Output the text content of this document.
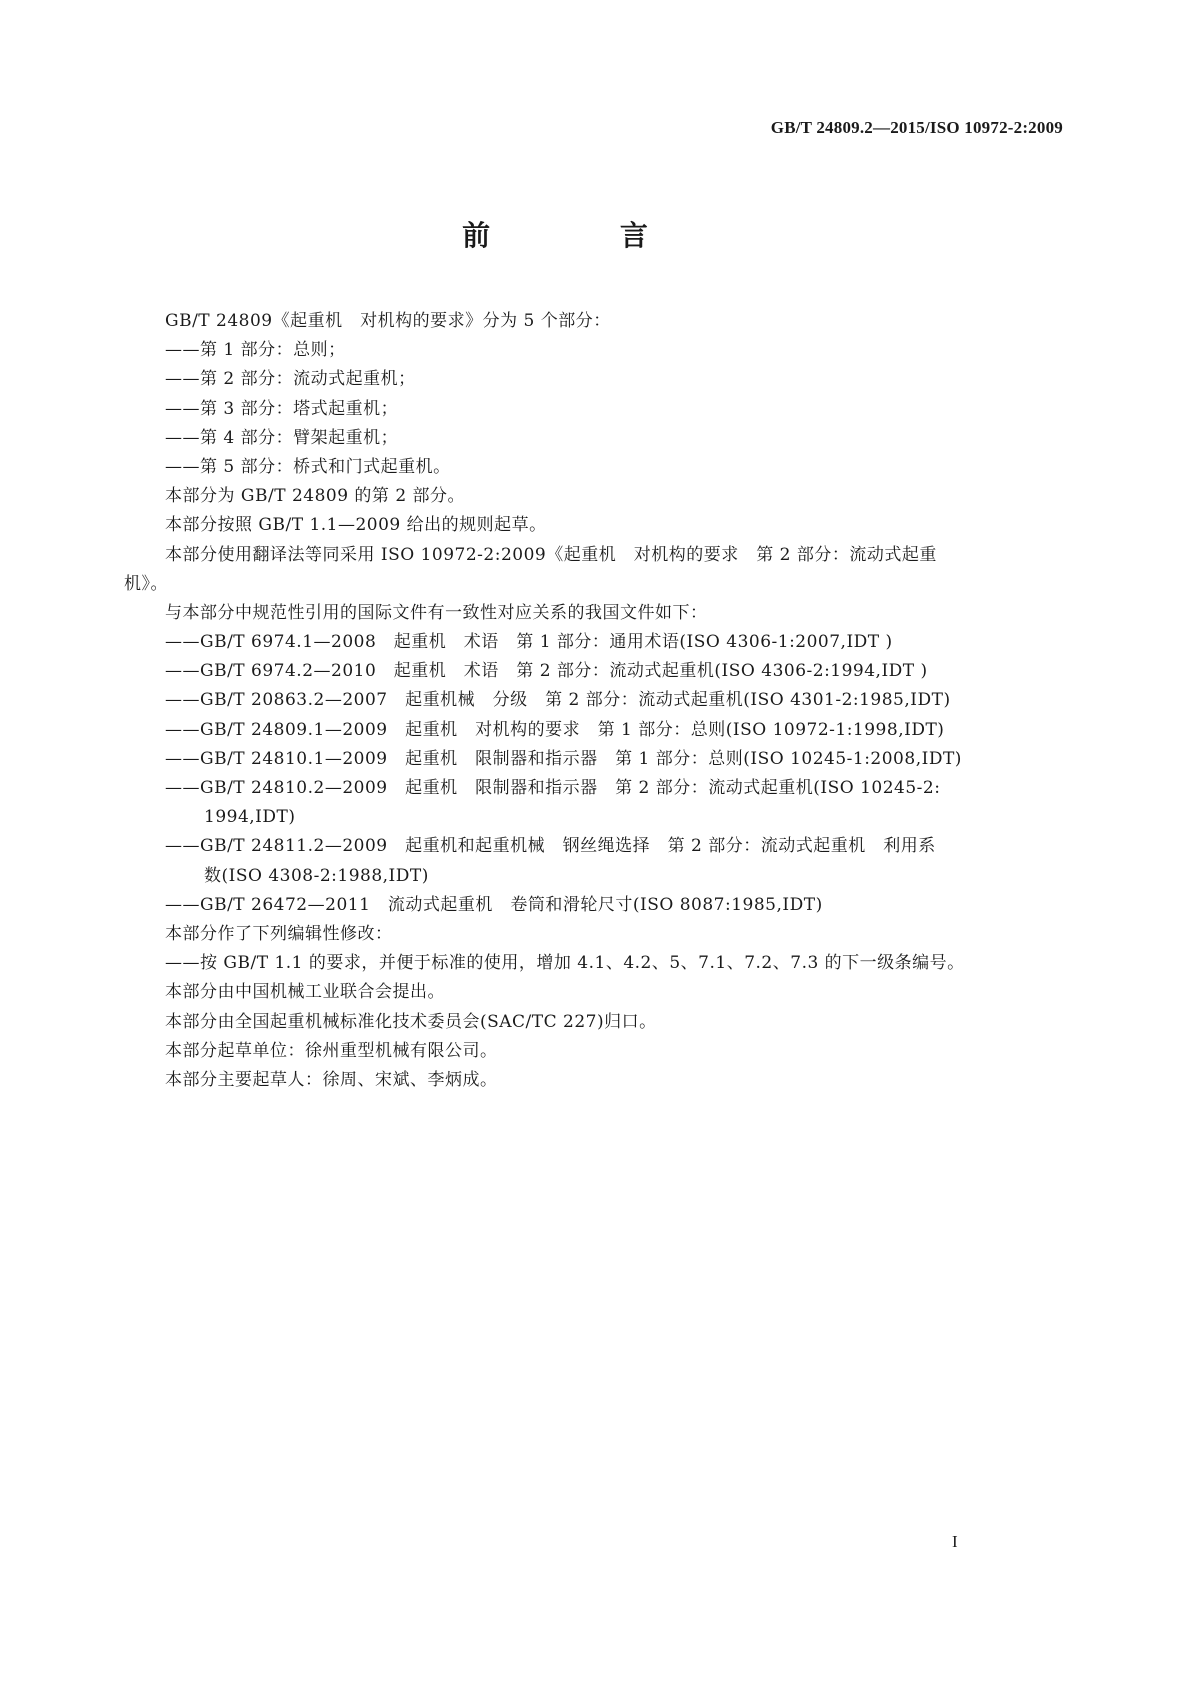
GB/T 24809.2—2015/ISO 10972-2:2009
前 言
GB/T 24809《起重机　对机构的要求》分为 5 个部分：
——第 1 部分：总则；
——第 2 部分：流动式起重机；
——第 3 部分：塔式起重机；
——第 4 部分：臂架起重机；
——第 5 部分：桥式和门式起重机。
本部分为 GB/T 24809 的第 2 部分。
本部分按照 GB/T 1.1—2009 给出的规则起草。
本部分使用翻译法等同采用 ISO 10972-2:2009《起重机　对机构的要求　第 2 部分：流动式起重
机》。
与本部分中规范性引用的国际文件有一致性对应关系的我国文件如下：
——GB/T 6974.1—2008　起重机　术语　第 1 部分：通用术语(ISO 4306-1:2007,IDT )
——GB/T 6974.2—2010　起重机　术语　第 2 部分：流动式起重机(ISO 4306-2:1994,IDT )
——GB/T 20863.2—2007　起重机械　分级　第 2 部分：流动式起重机(ISO 4301-2:1985,IDT)
——GB/T 24809.1—2009　起重机　对机构的要求　第 1 部分：总则(ISO 10972-1:1998,IDT)
——GB/T 24810.1—2009　起重机　限制器和指示器　第 1 部分：总则(ISO 10245-1:2008,IDT)
——GB/T 24810.2—2009　起重机　限制器和指示器　第 2 部分：流动式起重机(ISO 10245-2:
1994,IDT)
——GB/T 24811.2—2009　起重机和起重机械　钢丝绳选择　第 2 部分：流动式起重机　利用系
数(ISO 4308-2:1988,IDT)
——GB/T 26472—2011　流动式起重机　卷筒和滑轮尺寸(ISO 8087:1985,IDT)
本部分作了下列编辑性修改：
——按 GB/T 1.1 的要求，并便于标准的使用，增加 4.1、4.2、5、7.1、7.2、7.3 的下一级条编号。
本部分由中国机械工业联合会提出。
本部分由全国起重机械标准化技术委员会(SAC/TC 227)归口。
本部分起草单位：徐州重型机械有限公司。
本部分主要起草人：徐周、宋斌、李炳成。
I
